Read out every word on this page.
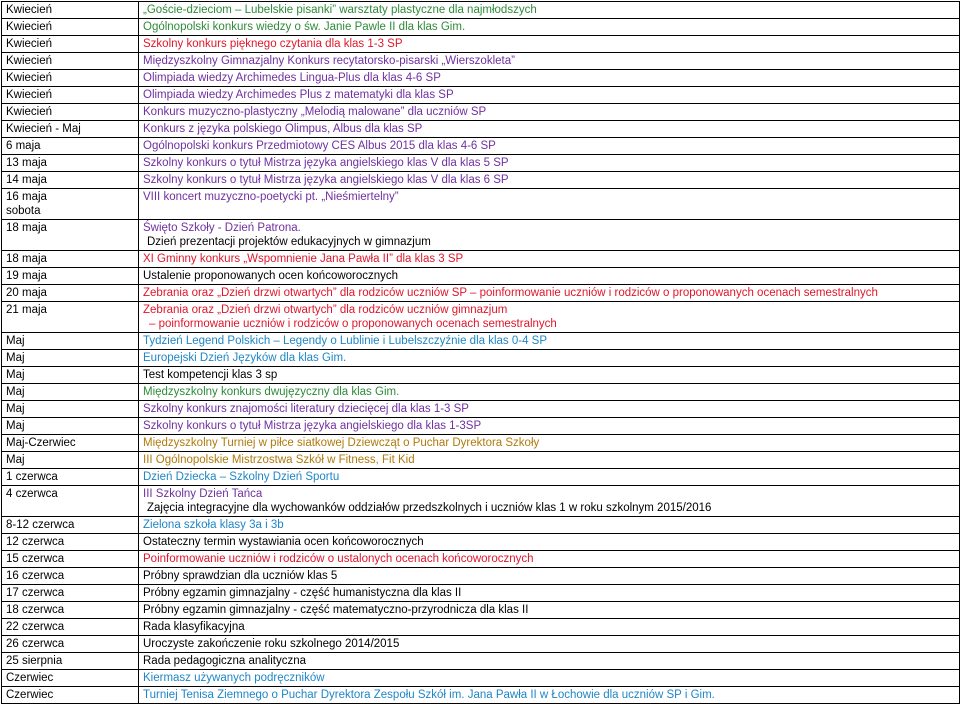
Kwiecień	„Goście-dzieciom – Lubelskie pisanki” warsztaty plastyczne dla najmłodszych

Kwiecień	Ogólnopolski konkurs wiedzy o św. Janie Pawle II dla klas Gim.

Kwiecień	Szkolny konkurs pięknego czytania dla klas 1-3 SP

Kwiecień	Międzyszkolny Gimnazjalny Konkurs recytatorsko-pisarski „Wierszokleta”

Kwiecień	Olimpiada wiedzy Archimedes Lingua-Plus dla klas 4-6 SP

Kwiecień	Olimpiada wiedzy Archimedes Plus z matematyki dla klas SP

Kwiecień	Konkurs muzyczno-plastyczny „Melodią malowane” dla uczniów SP

Kwiecień - Maj	Konkurs z języka polskiego Olimpus, Albus dla klas SP

6 maja	Ogólnopolski konkurs Przedmiotowy CES Albus 2015 dla klas 4-6 SP

13 maja	Szkolny konkurs o tytuł Mistrza języka angielskiego klas V dla klas 5 SP

14 maja	Szkolny konkurs o tytuł Mistrza języka angielskiego klas V dla klas 6 SP

16 maja
sobota	VIII koncert muzyczno-poetycki pt. „Nieśmiertelny”

18 maja	Święto Szkoły - Dzień Patrona.
Dzień prezentacji projektów edukacyjnych w gimnazjum

18 maja	XI Gminny konkurs „Wspomnienie Jana Pawła II” dla klas 3 SP

19 maja	Ustalenie proponowanych ocen końcoworocznych

20 maja	Zebrania oraz „Dzień drzwi otwartych” dla rodziców uczniów SP – poinformowanie uczniów i rodziców o proponowanych ocenach semestralnych

21 maja	Zebrania oraz „Dzień drzwi otwartych” dla rodziców uczniów gimnazjum
– poinformowanie uczniów i rodziców o proponowanych ocenach semestralnych

Maj	Tydzień Legend Polskich – Legendy o Lublinie i Lubelszczyźnie dla klas 0-4 SP

Maj	Europejski Dzień Języków dla klas Gim.

Maj	Test kompetencji klas 3 sp

Maj	Międzyszkolny konkurs dwujęzyczny dla klas Gim.

Maj	Szkolny konkurs znajomości literatury dziecięcej dla klas 1-3 SP

Maj	Szkolny konkurs o tytuł Mistrza języka angielskiego dla klas 1-3SP

Maj-Czerwiec	Międzyszkolny Turniej w piłce siatkowej Dziewcząt o Puchar Dyrektora Szkoły

Maj	III Ogólnopolskie Mistrzostwa Szkół w Fitness, Fit Kid

1 czerwca	Dzień Dziecka – Szkolny Dzień Sportu

4 czerwca	III Szkolny Dzień Tańca
Zajęcia integracyjne dla wychowanków oddziałów przedszkolnych i uczniów klas 1 w roku szkolnym 2015/2016

8-12 czerwca	Zielona szkoła klasy 3a i 3b

12 czerwca	Ostateczny termin wystawiania ocen końcoworocznych

15 czerwca	Poinformowanie uczniów i rodziców o ustalonych ocenach końcoworocznych

16 czerwca	Próbny sprawdzian dla uczniów klas 5

17 czerwca	Próbny egzamin gimnazjalny - część humanistyczna dla klas II

18 czerwca	Próbny egzamin gimnazjalny - część matematyczno-przyrodnicza dla klas II

22 czerwca	Rada klasyfikacyjna

26 czerwca	Uroczyste zakończenie roku szkolnego 2014/2015

25 sierpnia	Rada pedagogiczna analityczna

Czerwiec	Kiermasz używanych podręczników

Czerwiec	Turniej Tenisa Ziemnego o Puchar Dyrektora Zespołu Szkół im. Jana Pawła II w Łochowie dla uczniów SP i Gim.
